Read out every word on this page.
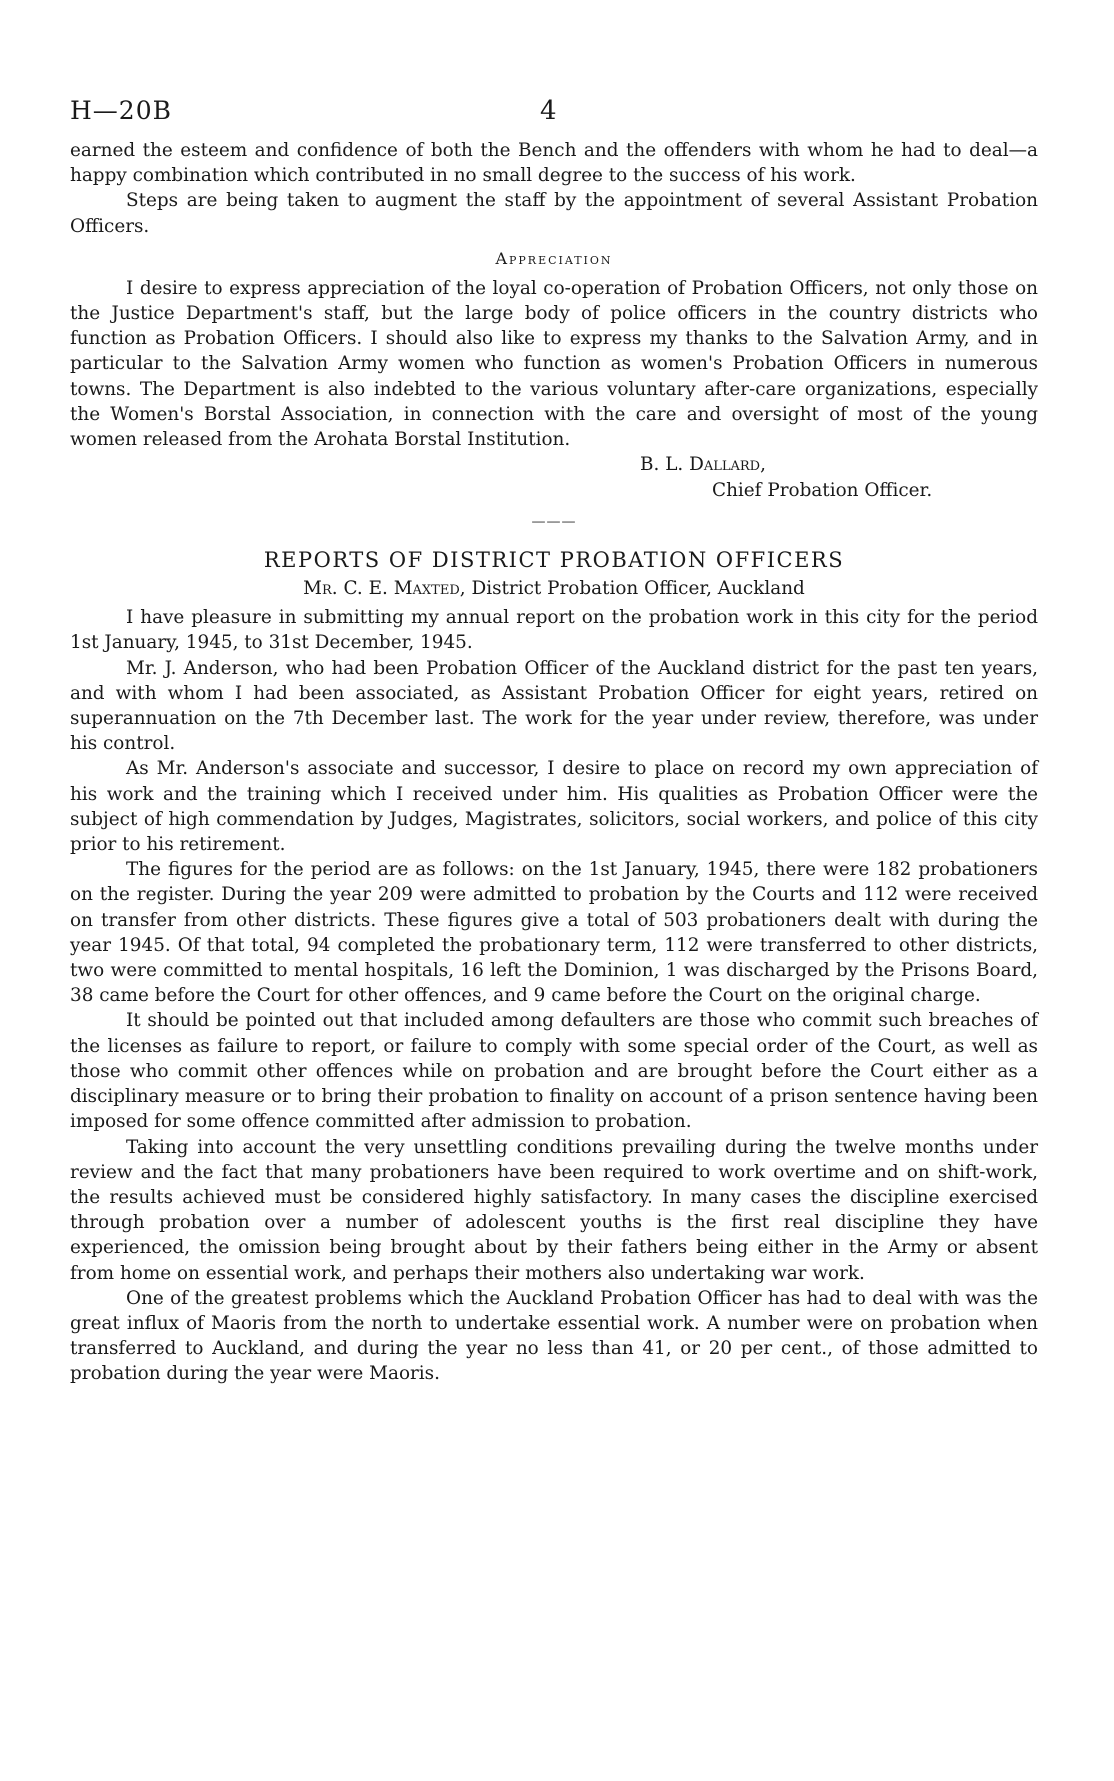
H—20B	4

earned the esteem and confidence of both the Bench and the offenders with whom he had to deal—a happy combination which contributed in no small degree to the success of his work.

Steps are being taken to augment the staff by the appointment of several Assistant Probation Officers.

Appreciation

I desire to express appreciation of the loyal co-operation of Probation Officers, not only those on the Justice Department's staff, but the large body of police officers in the country districts who function as Probation Officers. I should also like to express my thanks to the Salvation Army, and in particular to the Salvation Army women who function as women's Probation Officers in numerous towns. The Department is also indebted to the various voluntary after-care organizations, especially the Women's Borstal Association, in connection with the care and oversight of most of the young women released from the Arohata Borstal Institution.

B. L. Dallard,
Chief Probation Officer.
———
REPORTS OF DISTRICT PROBATION OFFICERS
Mr. C. E. Maxted, District Probation Officer, Auckland

I have pleasure in submitting my annual report on the probation work in this city for the period 1st January, 1945, to 31st December, 1945.

Mr. J. Anderson, who had been Probation Officer of the Auckland district for the past ten years, and with whom I had been associated, as Assistant Probation Officer for eight years, retired on superannuation on the 7th December last. The work for the year under review, therefore, was under his control.

As Mr. Anderson's associate and successor, I desire to place on record my own appreciation of his work and the training which I received under him. His qualities as Probation Officer were the subject of high commendation by Judges, Magistrates, solicitors, social workers, and police of this city prior to his retirement.

The figures for the period are as follows: on the 1st January, 1945, there were 182 probationers on the register. During the year 209 were admitted to probation by the Courts and 112 were received on transfer from other districts. These figures give a total of 503 probationers dealt with during the year 1945. Of that total, 94 completed the probationary term, 112 were transferred to other districts, two were committed to mental hospitals, 16 left the Dominion, 1 was discharged by the Prisons Board, 38 came before the Court for other offences, and 9 came before the Court on the original charge.

It should be pointed out that included among defaulters are those who commit such breaches of the licenses as failure to report, or failure to comply with some special order of the Court, as well as those who commit other offences while on probation and are brought before the Court either as a disciplinary measure or to bring their probation to finality on account of a prison sentence having been imposed for some offence committed after admission to probation.

Taking into account the very unsettling conditions prevailing during the twelve months under review and the fact that many probationers have been required to work overtime and on shift-work, the results achieved must be considered highly satisfactory. In many cases the discipline exercised through probation over a number of adolescent youths is the first real discipline they have experienced, the omission being brought about by their fathers being either in the Army or absent from home on essential work, and perhaps their mothers also undertaking war work.

One of the greatest problems which the Auckland Probation Officer has had to deal with was the great influx of Maoris from the north to undertake essential work. A number were on probation when transferred to Auckland, and during the year no less than 41, or 20 per cent., of those admitted to probation during the year were Maoris.
